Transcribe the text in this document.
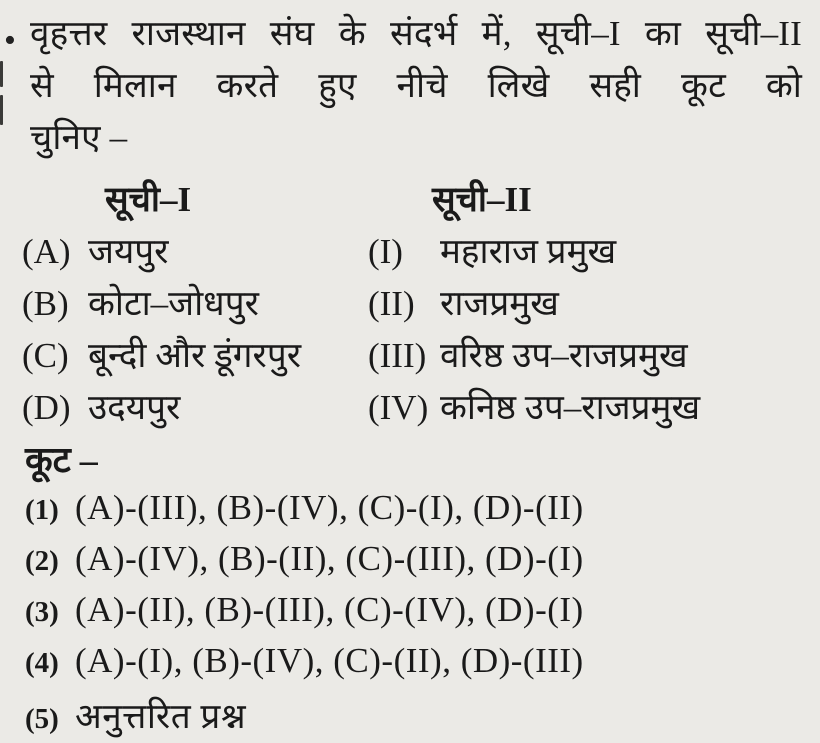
• वृहत्तर राजस्थान संघ के संदर्भ में, सूची–I का सूची–II
से मिलान करते हुए नीचे लिखे सही कूट को
चुनिए –
सूची–I	सूची–II
(A) जयपुर	(I)	महाराज प्रमुख
(B) कोटा–जोधपुर	(II) राजप्रमुख
(C) बून्दी और डूंगरपुर	(III) वरिष्ठ उप–राजप्रमुख
(D) उदयपुर	(IV) कनिष्ठ उप–राजप्रमुख
कूट –
(1) (A)-(III), (B)-(IV), (C)-(I), (D)-(II)
(2) (A)-(IV), (B)-(II), (C)-(III), (D)-(I)
(3) (A)-(II), (B)-(III), (C)-(IV), (D)-(I)
(4) (A)-(I), (B)-(IV), (C)-(II), (D)-(III)
(5) अनुत्तरित प्रश्न
